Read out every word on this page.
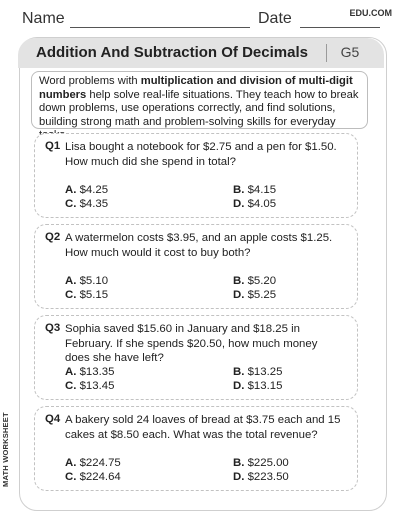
Name	Date	EDU.COM
Addition And Subtraction Of Decimals	G5
Word problems with multiplication and division of multi-digit numbers help solve real-life situations. They teach how to break down problems, use operations correctly, and find solutions, building strong math and problem-solving skills for everyday
Q1 Lisa bought a notebook for $2.75 and a pen for $1.50. How much did she spend in total?
A. $4.25	B. $4.15
C. $4.35	D. $4.05
Q2 A watermelon costs $3.95, and an apple costs $1.25. How much would it cost to buy both?
A. $5.10	B. $5.20
C. $5.15	D. $5.25
Q3 Sophia saved $15.60 in January and $18.25 in February. If she spends $20.50, how much money does she have left?
A. $13.35	B. $13.25
C. $13.45	D. $13.15
Q4 A bakery sold 24 loaves of bread at $3.75 each and 15 cakes at $8.50 each. What was the total revenue?
A. $224.75	B. $225.00
C. $224.64	D. $223.50
MATH WORKSHEET
